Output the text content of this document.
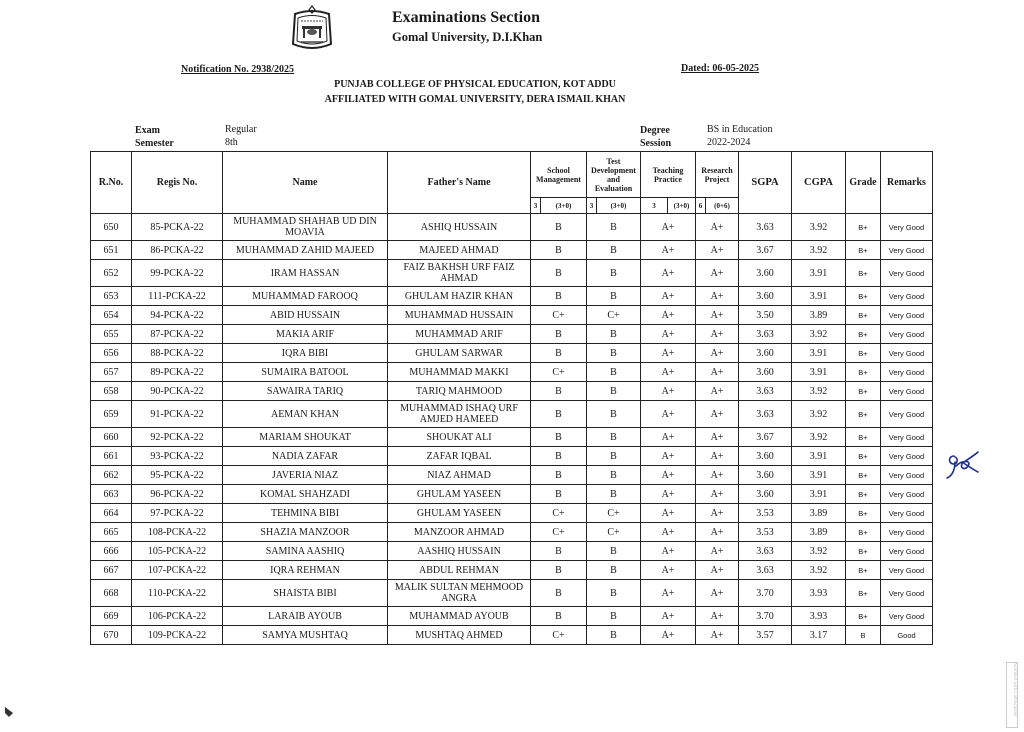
Examinations Section
Gomal University, D.I.Khan
Notification No. 2938/2025	Dated: 06-05-2025
PUNJAB COLLEGE OF PHYSICAL EDUCATION, KOT ADDU
AFFILIATED WITH GOMAL UNIVERSITY, DERA ISMAIL KHAN
Exam
Semester
Regular
8th
Degree
Session
BS in Education
2022-2024
R.No.	Regis No.	Name	Father's Name	School Management		Test Development and Evaluation		Teaching Practice		Research Project		SGPA	CGPA	Grade	Remarks
				3	(3+0)	3	(3+0)	3	(3+0)	6	(0+6)				
650	85-PCKA-22	MUHAMMAD SHAHAB UD DIN MOAVIA	ASHIQ HUSSAIN	B		B		A+		A+		3.63	3.92	B+	Very Good
651	86-PCKA-22	MUHAMMAD ZAHID MAJEED	MAJEED AHMAD	B		B		A+		A+		3.67	3.92	B+	Very Good
652	99-PCKA-22	IRAM HASSAN	FAIZ BAKHSH URF FAIZ AHMAD	B		B		A+		A+		3.60	3.91	B+	Very Good
653	111-PCKA-22	MUHAMMAD FAROOQ	GHULAM HAZIR KHAN	B		B		A+		A+		3.60	3.91	B+	Very Good
654	94-PCKA-22	ABID HUSSAIN	MUHAMMAD HUSSAIN	C+		C+		A+		A+		3.50	3.89	B+	Very Good
655	87-PCKA-22	MAKIA ARIF	MUHAMMAD ARIF	B		B		A+		A+		3.63	3.92	B+	Very Good
656	88-PCKA-22	IQRA BIBI	GHULAM SARWAR	B		B		A+		A+		3.60	3.91	B+	Very Good
657	89-PCKA-22	SUMAIRA BATOOL	MUHAMMAD MAKKI	C+		B		A+		A+		3.60	3.91	B+	Very Good
658	90-PCKA-22	SAWAIRA TARIQ	TARIQ MAHMOOD	B		B		A+		A+		3.63	3.92	B+	Very Good
659	91-PCKA-22	AEMAN KHAN	MUHAMMAD ISHAQ URF AMJED HAMEED	B		B		A+		A+		3.63	3.92	B+	Very Good
660	92-PCKA-22	MARIAM SHOUKAT	SHOUKAT ALI	B		B		A+		A+		3.67	3.92	B+	Very Good
661	93-PCKA-22	NADIA ZAFAR	ZAFAR IQBAL	B		B		A+		A+		3.60	3.91	B+	Very Good
662	95-PCKA-22	JAVERIA NIAZ	NIAZ AHMAD	B		B		A+		A+		3.60	3.91	B+	Very Good
663	96-PCKA-22	KOMAL SHAHZADI	GHULAM YASEEN	B		B		A+		A+		3.60	3.91	B+	Very Good
664	97-PCKA-22	TEHMINA BIBI	GHULAM YASEEN	C+		C+		A+		A+		3.53	3.89	B+	Very Good
665	108-PCKA-22	SHAZIA MANZOOR	MANZOOR AHMAD	C+		C+		A+		A+		3.53	3.89	B+	Very Good
666	105-PCKA-22	SAMINA AASHIQ	AASHIQ HUSSAIN	B		B		A+		A+		3.63	3.92	B+	Very Good
667	107-PCKA-22	IQRA REHMAN	ABDUL REHMAN	B		B		A+		A+		3.63	3.92	B+	Very Good
668	110-PCKA-22	SHAISTA BIBI	MALIK SULTAN MEHMOOD ANGRA	B		B		A+		A+		3.70	3.93	B+	Very Good
669	106-PCKA-22	LARAIB AYOUB	MUHAMMAD AYOUB	B		B		A+		A+		3.70	3.93	B+	Very Good
670	109-PCKA-22	SAMYA MUSHTAQ	MUSHTAQ AHMED	C+		B		A+		A+		3.57	3.17	B	Good
Scanned with CamScanner
